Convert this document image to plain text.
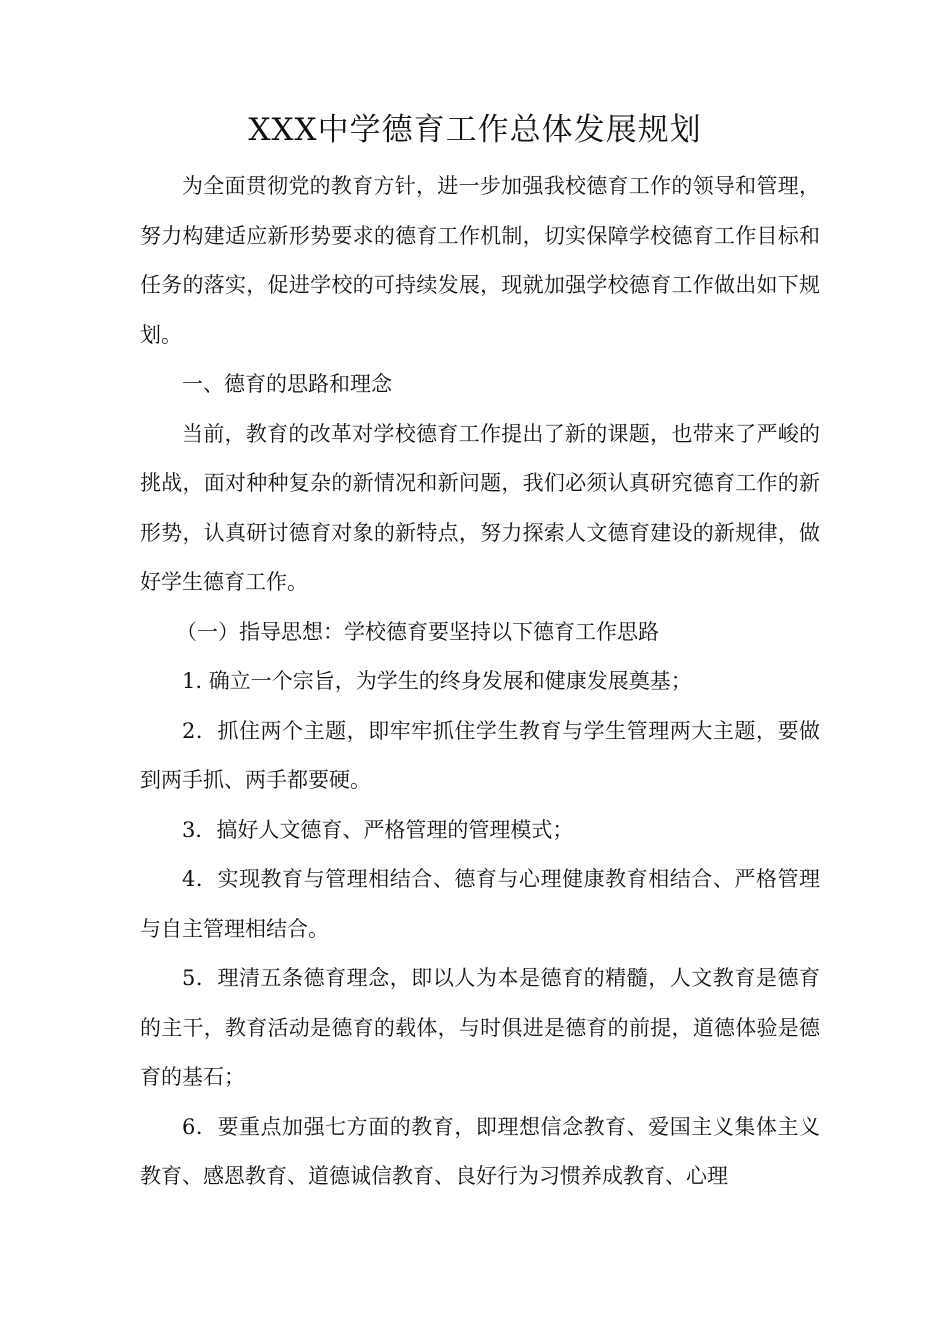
XXX中学德育工作总体发展规划

为全面贯彻党的教育方针，进一步加强我校德育工作的领导和管理，努力构建适应新形势要求的德育工作机制，切实保障学校德育工作目标和任务的落实，促进学校的可持续发展，现就加强学校德育工作做出如下规划。

一、德育的思路和理念

当前，教育的改革对学校德育工作提出了新的课题，也带来了严峻的挑战，面对种种复杂的新情况和新问题，我们必须认真研究德育工作的新形势，认真研讨德育对象的新特点，努力探索人文德育建设的新规律，做好学生德育工作。

（一）指导思想：学校德育要坚持以下德育工作思路

1. 确立一个宗旨，为学生的终身发展和健康发展奠基；

2．抓住两个主题，即牢牢抓住学生教育与学生管理两大主题，要做到两手抓、两手都要硬。

3．搞好人文德育、严格管理的管理模式；

4．实现教育与管理相结合、德育与心理健康教育相结合、严格管理与自主管理相结合。

5．理清五条德育理念，即以人为本是德育的精髓，人文教育是德育的主干，教育活动是德育的载体，与时俱进是德育的前提，道德体验是德育的基石；

6．要重点加强七方面的教育，即理想信念教育、爱国主义集体主义教育、感恩教育、道德诚信教育、良好行为习惯养成教育、心理
